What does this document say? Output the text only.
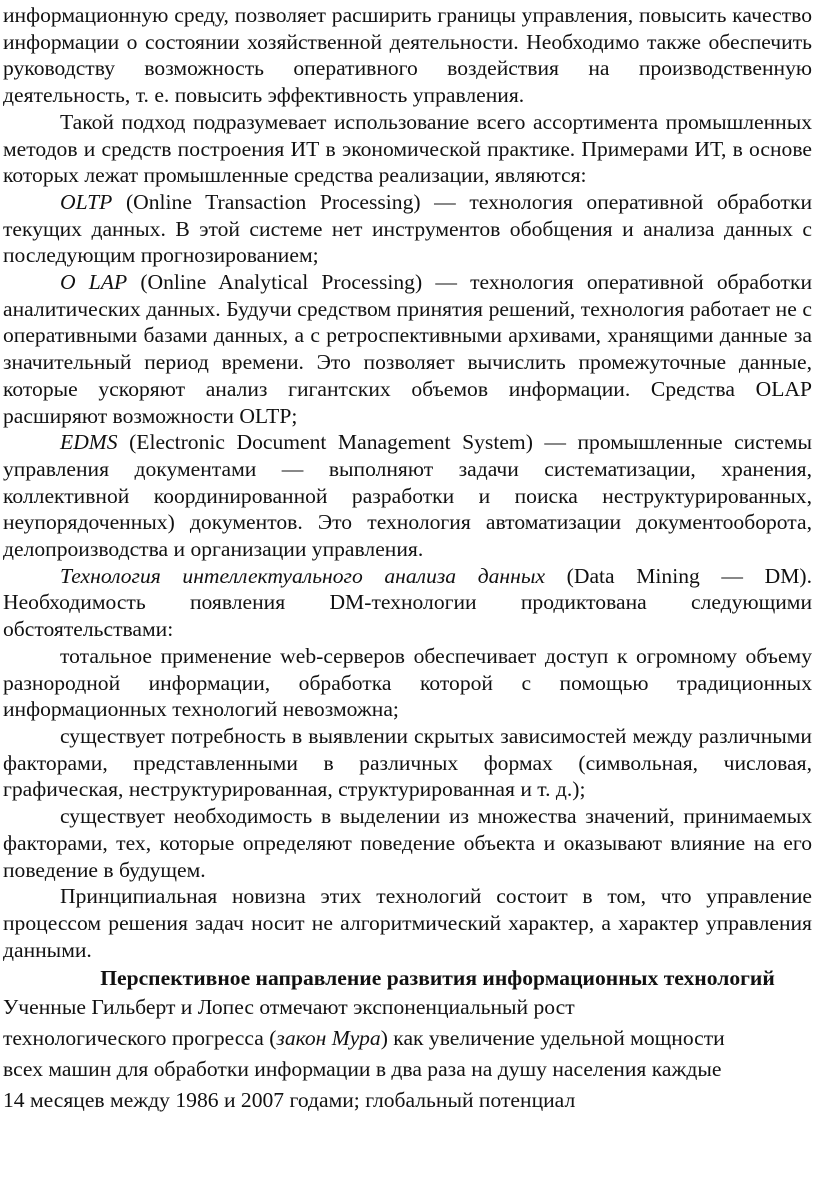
информационную среду, позволяет расширить границы управления, повысить качество информации о состоянии хозяйственной деятельности. Необходимо также обеспечить руководству возможность оперативного воздействия на производственную деятельность, т. е. повысить эффективность управления.

Такой подход подразумевает использование всего ассортимента промышленных методов и средств построения ИТ в экономической практике. Примерами ИТ, в основе которых лежат промышленные средства реализации, являются:

OLTP (Online Transaction Processing) — технология оперативной обработки текущих данных. В этой системе нет инструментов обобщения и анализа данных с последующим прогнозированием;

O LAP (Online Analytical Processing) — технология оперативной обработки аналитических данных. Будучи средством принятия решений, технология работает не с оперативными базами данных, а с ретроспективными архивами, хранящими данные за значительный период времени. Это позволяет вычислить промежуточные данные, которые ускоряют анализ гигантских объемов информации. Средства OLAP расширяют возможности OLTP;

EDMS (Electronic Document Management System) — промышленные системы управления документами — выполняют задачи систематизации, хранения, коллективной координированной разработки и поиска неструктурированных, неупорядоченных) документов. Это технология автоматизации документооборота, делопроизводства и организации управления.

Технология интеллектуального анализа данных (Data Mining — DM). Необходимость появления DM-технологии продиктована следующими обстоятельствами:

тотальное применение web-серверов обеспечивает доступ к огромному объему разнородной информации, обработка которой с помощью традиционных информационных технологий невозможна;

существует потребность в выявлении скрытых зависимостей между различными факторами, представленными в различных формах (символьная, числовая, графическая, неструктурированная, структурированная и т. д.);

существует необходимость в выделении из множества значений, принимаемых факторами, тех, которые определяют поведение объекта и оказывают влияние на его поведение в будущем.

Принципиальная новизна этих технологий состоит в том, что управление процессом решения задач носит не алгоритмический характер, а характер управления данными.

Перспективное направление развития информационных технологий
Ученные Гильберт и Лопес отмечают экспоненциальный рост
технологического прогресса (закон Мура) как увеличение удельной мощности
всех машин для обработки информации в два раза на душу населения каждые
14 месяцев между 1986 и 2007 годами; глобальный потенциал
